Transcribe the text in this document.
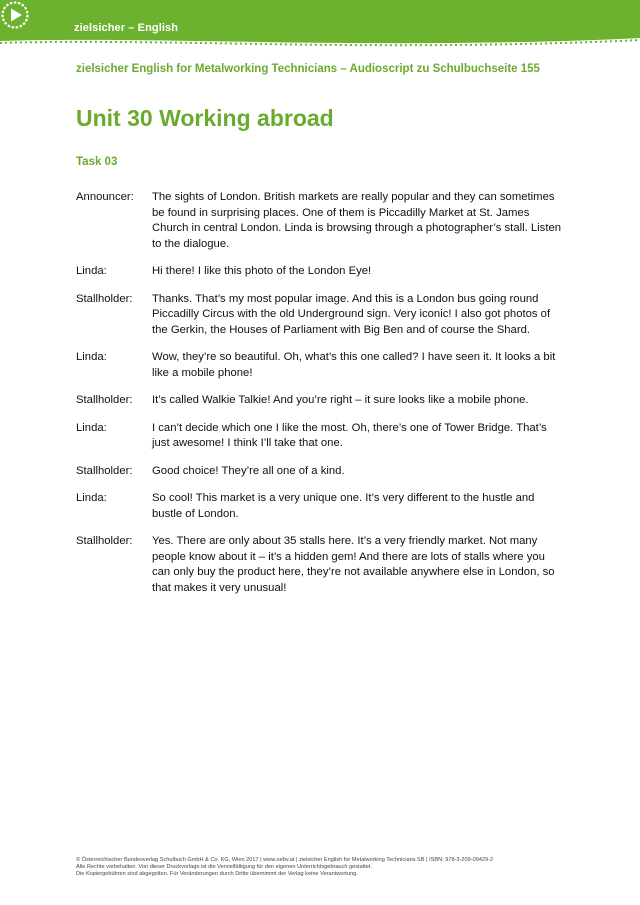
zielsicher – English
zielsicher English for Metalworking Technicians – Audioscript zu Schulbuchseite 155
Unit 30 Working abroad
Task 03
Announcer:	The sights of London. British markets are really popular and they can sometimes be found in surprising places. One of them is Piccadilly Market at St. James Church in central London. Linda is browsing through a photographer’s stall. Listen to the dialogue.
Linda:	Hi there! I like this photo of the London Eye!
Stallholder:	Thanks. That’s my most popular image. And this is a London bus going round Piccadilly Circus with the old Underground sign. Very iconic! I also got photos of the Gerkin, the Houses of Parliament with Big Ben and of course the Shard.
Linda:	Wow, they’re so beautiful. Oh, what’s this one called? I have seen it. It looks a bit like a mobile phone!
Stallholder:	It’s called Walkie Talkie! And you’re right – it sure looks like a mobile phone.
Linda:	I can’t decide which one I like the most. Oh, there’s one of Tower Bridge. That’s just awesome! I think I’ll take that one.
Stallholder:	Good choice! They’re all one of a kind.
Linda:	So cool! This market is a very unique one. It’s very different to the hustle and bustle of London.
Stallholder:	Yes. There are only about 35 stalls here. It’s a very friendly market. Not many people know about it – it’s a hidden gem! And there are lots of stalls where you can only buy the product here, they’re not available anywhere else in London, so that makes it very unusual!
© Österreichischer Bundesverlag Schulbuch GmbH & Co. KG, Wien 2017 | www.oebv.at | zielsicher English for Metalworking Technicians SB | ISBN: 978-3-209-09429-2
Alle Rechte vorbehalten. Von dieser Druckvorlage ist die Vervielfältigung für den eigenen Unterrichtsgebrauch gestattet.
Die Kopiergebühren sind abgegolten. Für Veränderungen durch Dritte übernimmt der Verlag keine Verantwortung.
